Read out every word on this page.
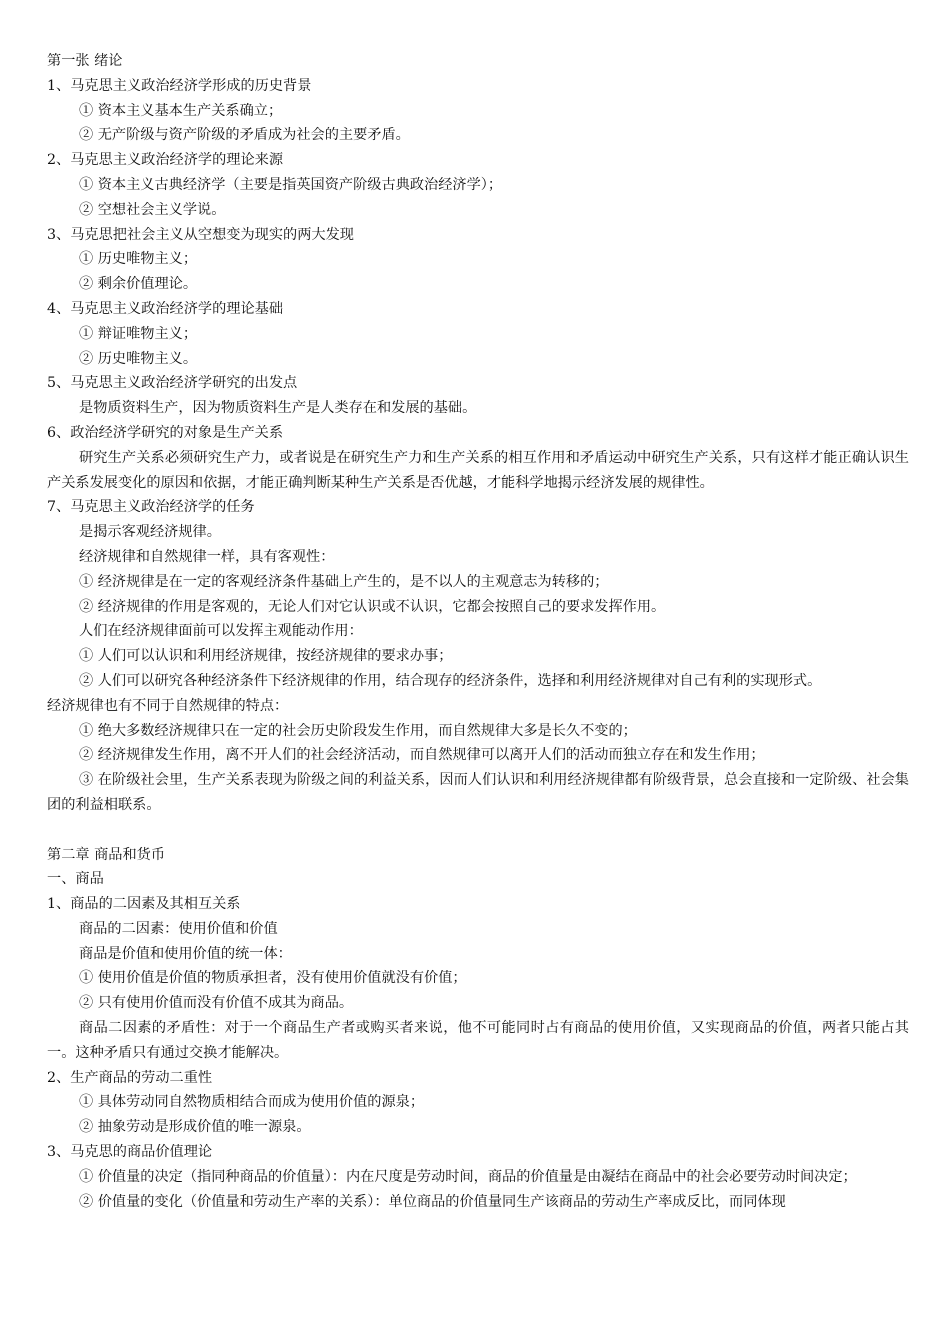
第一张 绪论

1、马克思主义政治经济学形成的历史背景

① 资本主义基本生产关系确立；

② 无产阶级与资产阶级的矛盾成为社会的主要矛盾。

2、马克思主义政治经济学的理论来源

① 资本主义古典经济学（主要是指英国资产阶级古典政治经济学）；

② 空想社会主义学说。

3、马克思把社会主义从空想变为现实的两大发现

① 历史唯物主义；

② 剩余价值理论。

4、马克思主义政治经济学的理论基础

① 辩证唯物主义；

② 历史唯物主义。

5、马克思主义政治经济学研究的出发点

是物质资料生产，因为物质资料生产是人类存在和发展的基础。

6、政治经济学研究的对象是生产关系

研究生产关系必须研究生产力，或者说是在研究生产力和生产关系的相互作用和矛盾运动中研究生产关系，只有这样才能正确认识生产关系发展变化的原因和依据，才能正确判断某种生产关系是否优越，才能科学地揭示经济发展的规律性。

7、马克思主义政治经济学的任务

是揭示客观经济规律。

经济规律和自然规律一样，具有客观性：

① 经济规律是在一定的客观经济条件基础上产生的，是不以人的主观意志为转移的；

② 经济规律的作用是客观的，无论人们对它认识或不认识，它都会按照自己的要求发挥作用。

人们在经济规律面前可以发挥主观能动作用：

① 人们可以认识和利用经济规律，按经济规律的要求办事；

② 人们可以研究各种经济条件下经济规律的作用，结合现存的经济条件，选择和利用经济规律对自己有利的实现形式。

经济规律也有不同于自然规律的特点：

① 绝大多数经济规律只在一定的社会历史阶段发生作用，而自然规律大多是长久不变的；

② 经济规律发生作用，离不开人们的社会经济活动，而自然规律可以离开人们的活动而独立存在和发生作用；

③ 在阶级社会里，生产关系表现为阶级之间的利益关系，因而人们认识和利用经济规律都有阶级背景，总会直接和一定阶级、社会集团的利益相联系。

第二章 商品和货币

一、商品

1、商品的二因素及其相互关系

商品的二因素：使用价值和价值

商品是价值和使用价值的统一体：

① 使用价值是价值的物质承担者，没有使用价值就没有价值；

② 只有使用价值而没有价值不成其为商品。

商品二因素的矛盾性：对于一个商品生产者或购买者来说，他不可能同时占有商品的使用价值，又实现商品的价值，两者只能占其一。这种矛盾只有通过交换才能解决。

2、生产商品的劳动二重性

① 具体劳动同自然物质相结合而成为使用价值的源泉；

② 抽象劳动是形成价值的唯一源泉。

3、马克思的商品价值理论

① 价值量的决定（指同种商品的价值量）：内在尺度是劳动时间，商品的价值量是由凝结在商品中的社会必要劳动时间决定；

② 价值量的变化（价值量和劳动生产率的关系）：单位商品的价值量同生产该商品的劳动生产率成反比，而同体现
